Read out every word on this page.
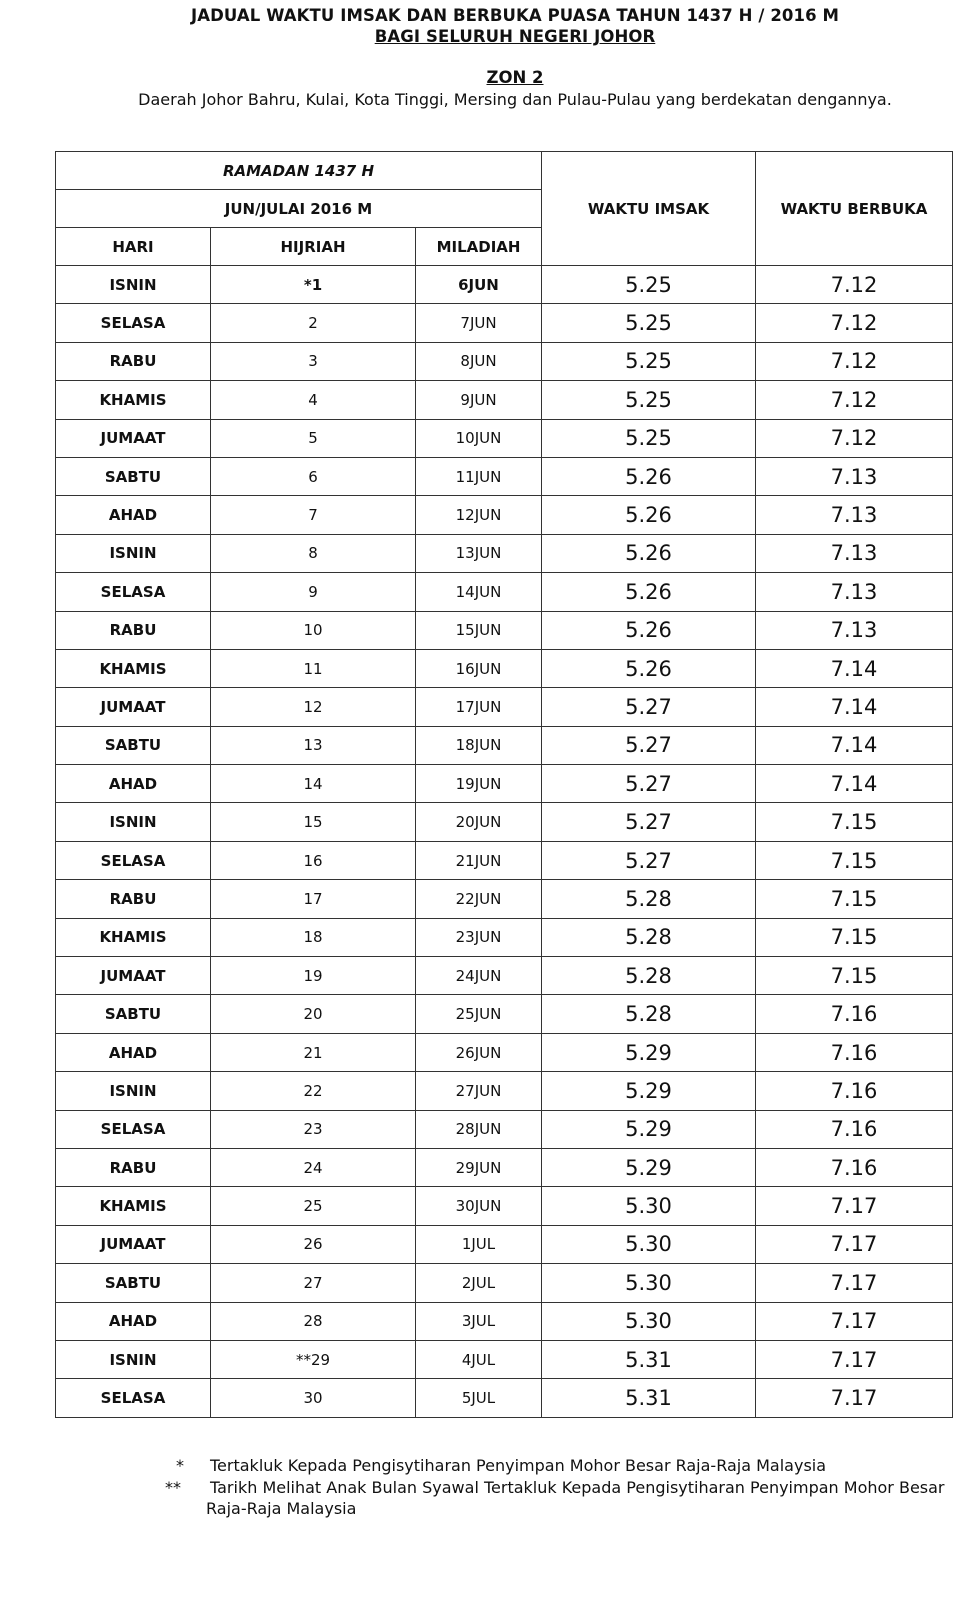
JADUAL WAKTU IMSAK DAN BERBUKA PUASA TAHUN 1437 H / 2016 M
BAGI SELURUH NEGERI JOHOR
ZON 2
Daerah Johor Bahru, Kulai, Kota Tinggi, Mersing dan Pulau-Pulau yang berdekatan dengannya.
RAMADAN 1437 H			WAKTU IMSAK	WAKTU BERBUKA
JUN/JULAI 2016 M				
HARI	HIJRIAH	MILADIAH		
ISNIN	*1	6JUN	5.25	7.12
SELASA	2	7JUN	5.25	7.12
RABU	3	8JUN	5.25	7.12
KHAMIS	4	9JUN	5.25	7.12
JUMAAT	5	10JUN	5.25	7.12
SABTU	6	11JUN	5.26	7.13
AHAD	7	12JUN	5.26	7.13
ISNIN	8	13JUN	5.26	7.13
SELASA	9	14JUN	5.26	7.13
RABU	10	15JUN	5.26	7.13
KHAMIS	11	16JUN	5.26	7.14
JUMAAT	12	17JUN	5.27	7.14
SABTU	13	18JUN	5.27	7.14
AHAD	14	19JUN	5.27	7.14
ISNIN	15	20JUN	5.27	7.15
SELASA	16	21JUN	5.27	7.15
RABU	17	22JUN	5.28	7.15
KHAMIS	18	23JUN	5.28	7.15
JUMAAT	19	24JUN	5.28	7.15
SABTU	20	25JUN	5.28	7.16
AHAD	21	26JUN	5.29	7.16
ISNIN	22	27JUN	5.29	7.16
SELASA	23	28JUN	5.29	7.16
RABU	24	29JUN	5.29	7.16
KHAMIS	25	30JUN	5.30	7.17
JUMAAT	26	1JUL	5.30	7.17
SABTU	27	2JUL	5.30	7.17
AHAD	28	3JUL	5.30	7.17
ISNIN	**29	4JUL	5.31	7.17
SELASA	30	5JUL	5.31	7.17
* Tertakluk Kepada Pengisytiharan Penyimpan Mohor Besar Raja-Raja Malaysia
** Tarikh Melihat Anak Bulan Syawal Tertakluk Kepada Pengisytiharan Penyimpan Mohor Besar
Raja-Raja Malaysia
